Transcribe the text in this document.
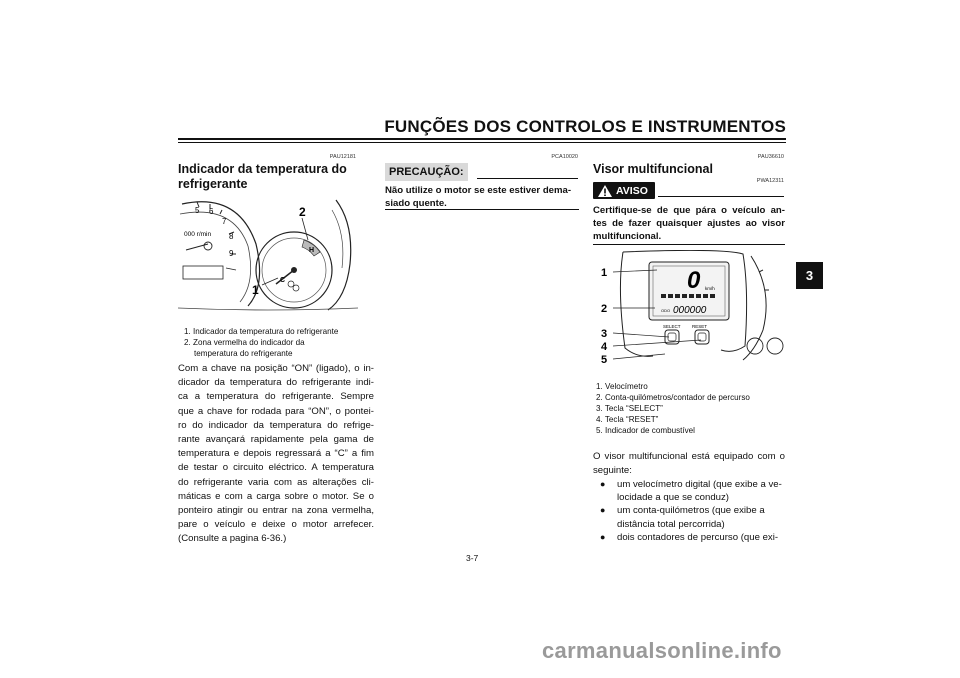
FUNÇÕES DOS CONTROLOS E INSTRUMENTOS
3
PAU12181
Indicador da temperatura do refrigerante
5 6
7
8
9
000 r/min
H
C
1
2
1. Indicador da temperatura do refrigerante
2. Zona vermelha do indicador da
temperatura do refrigerante
Com a chave na posição “ON” (ligado), o in-
dicador da temperatura do refrigerante indi-
ca a temperatura do refrigerante. Sempre
que a chave for rodada para “ON”, o pontei-
ro do indicador da temperatura do refrige-
rante avançará rapidamente pela gama de
temperatura e depois regressará a “C” a fim
de testar o circuito eléctrico. A temperatura
do refrigerante varia com as alterações cli-
máticas e com a carga sobre o motor. Se o
ponteiro atingir ou entrar na zona vermelha,
pare o veículo e deixe o motor arrefecer.
(Consulte a pagina 6-36.)
PCA10020
PRECAUÇÃO:
Não utilize o motor se este estiver dema-
siado quente.
PAU36610
Visor multifuncional
PWA12311
AVISO
Certifique-se de que pára o veículo an-
tes de fazer quaisquer ajustes ao visor
multifuncional.
0 km/h
ODO 000000
SELECT	RESET
1
2
3
4
5
1. Velocímetro
2. Conta-quilómetros/contador de percurso
3. Tecla “SELECT”
4. Tecla “RESET”
5. Indicador de combustível
O visor multifuncional está equipado com o
seguinte:
●	um velocímetro digital (que exibe a ve-
locidade a que se conduz)
●	um conta-quilómetros (que exibe a
distância total percorrida)
●	dois contadores de percurso (que exi-
3-7
carmanualsonline.info
